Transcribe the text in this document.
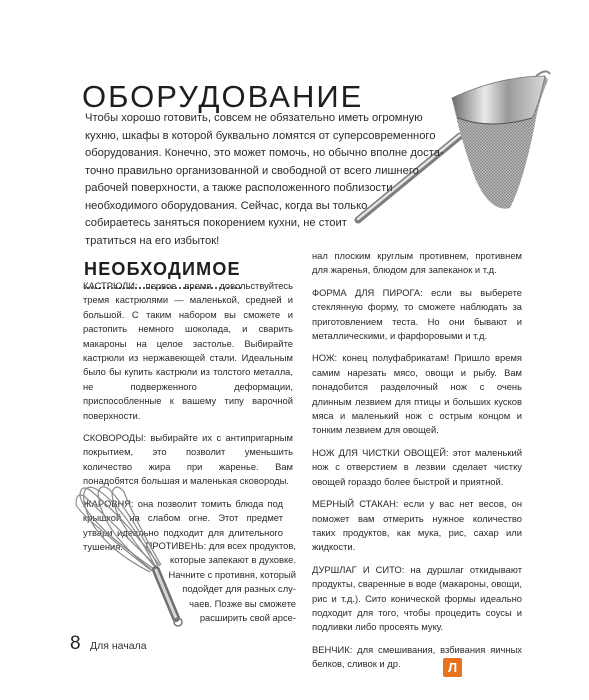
ОБОРУДОВАНИЕ

Чтобы хорошо готовить, совсем не обязательно иметь огромную

кухню, шкафы в которой буквально ломятся от суперсовременного

оборудования. Конечно, это может помочь, но обычно вполне доста-

точно правильно организованной и свободной от всего лишнего

рабочей поверхности, а также расположенного поблизости

необходимого оборудования. Сейчас, когда вы только

собираетесь заняться покорением кухни, не стоит

тратиться на его избыток!

НЕОБХОДИМОЕ

КАСТРЮЛИ: первое время довольствуйтесь тремя кастрюлями — маленькой, средней и большой. С таким набором вы сможете и растопить немного шоколада, и сварить макароны на целое застолье. Выбирайте кастрюли из нержавеющей стали. Идеальным было бы купить кастрюли из толстого металла, не подверженного деформации, приспособленные к вашему типу варочной поверхности.

СКОВОРОДЫ: выбирайте их с антипригарным покрытием, это позволит уменьшить количество жира при жаренье. Вам понадобятся большая и маленькая сковороды.

ЖАРОВНЯ: она позволит томить блюда под крышкой на слабом огне. Этот предмет утвари идеально подходит для длительного тушения.	ПРОТИВЕНЬ: для всех продуктов,

которые запекают в духовке.

Начните с противня, который

подойдет для разных слу-

чаев. Позже вы сможете

расширить свой арсе-

нал плоским круглым противнем, противнем для жаренья, блюдом для запеканок и т.д.

ФОРМА ДЛЯ ПИРОГА: если вы выберете стеклянную форму, то сможете наблюдать за приготовлением теста. Но они бывают и металлическими, и фарфоровыми и т.д.

НОЖ: конец полуфабрикатам! Пришло время самим нарезать мясо, овощи и рыбу. Вам понадобится разделочный нож с очень длинным лезвием для птицы и больших кусков мяса и маленький нож с острым концом и тонким лезвием для овощей.

НОЖ ДЛЯ ЧИСТКИ ОВОЩЕЙ: этот маленький нож с отверстием в лезвии сделает чистку овощей гораздо более быстрой и приятной.

МЕРНЫЙ СТАКАН: если у вас нет весов, он поможет вам отмерить нужное количество таких продуктов, как мука, рис, сахар или жидкости.

ДУРШЛАГ И СИТО: на дуршлаг откидывают продукты, сваренные в воде (макароны, овощи, рис и т.д.). Сито конической формы идеально подходит для того, чтобы процедить соусы и подливки либо просеять муку.

ВЕНЧИК: для смешивания, взбивания яичных белков, сливок и др.

8 Для начала
Л
